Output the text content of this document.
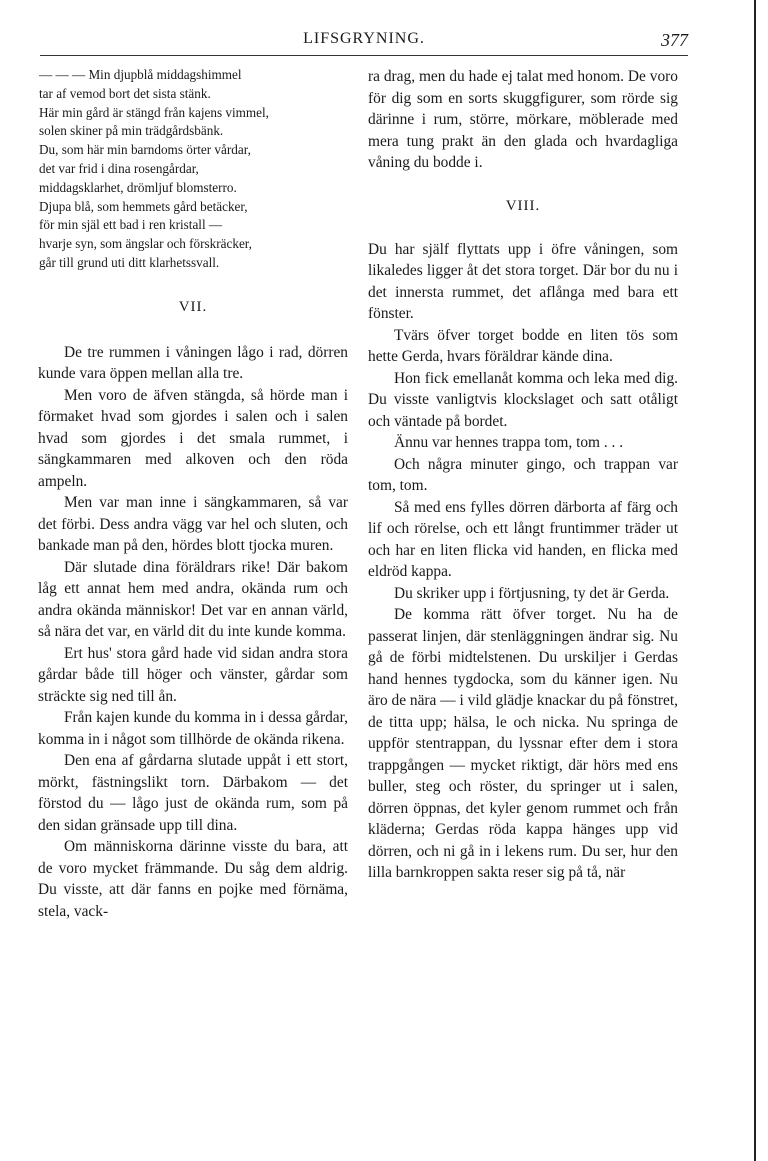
LIFSGRYNING.	377
— — — Min djupblå middagshimmel
tar af vemod bort det sista stänk.
Här min gård är stängd från kajens vimmel,
solen skiner på min trädgårdsbänk.
Du, som här min barndoms örter vårdar,
det var frid i dina rosengårdar,
middagsklarhet, drömljuf blomsterro.
Djupa blå, som hemmets gård betäcker,
för min själ ett bad i ren kristall —
hvarje syn, som ängslar och förskräcker,
går till grund uti ditt klarhetssvall.
VII.

De tre rummen i våningen lågo i rad, dörren kunde vara öppen mellan alla tre.

Men voro de äfven stängda, så hörde man i förmaket hvad som gjordes i salen och i salen hvad som gjordes i det smala rummet, i sängkammaren med alkoven och den röda ampeln.

Men var man inne i sängkammaren, så var det förbi. Dess andra vägg var hel och sluten, och bankade man på den, hördes blott tjocka muren.

Där slutade dina föräldrars rike! Där bakom låg ett annat hem med andra, okända rum och andra okända människor! Det var en annan värld, så nära det var, en värld dit du inte kunde komma.

Ert hus' stora gård hade vid sidan andra stora gårdar både till höger och vänster, gårdar som sträckte sig ned till ån.

Från kajen kunde du komma in i dessa gårdar, komma in i något som tillhörde de okända rikena.

Den ena af gårdarna slutade uppåt i ett stort, mörkt, fästningslikt torn. Därbakom — det förstod du — lågo just de okända rum, som på den sidan gränsade upp till dina.

Om människorna därinne visste du bara, att de voro mycket främmande. Du såg dem aldrig. Du visste, att där fanns en pojke med förnäma, stela, vack-

ra drag, men du hade ej talat med honom. De voro för dig som en sorts skuggfigurer, som rörde sig därinne i rum, större, mörkare, möblerade med mera tung prakt än den glada och hvardagliga våning du bodde i.

VIII.

Du har själf flyttats upp i öfre våningen, som likaledes ligger åt det stora torget. Där bor du nu i det innersta rummet, det aflånga med bara ett fönster.

Tvärs öfver torget bodde en liten tös som hette Gerda, hvars föräldrar kände dina.

Hon fick emellanåt komma och leka med dig. Du visste vanligtvis klockslaget och satt otåligt och väntade på bordet.

Ännu var hennes trappa tom, tom . . .

Och några minuter gingo, och trappan var tom, tom.

Så med ens fylles dörren därborta af färg och lif och rörelse, och ett långt fruntimmer träder ut och har en liten flicka vid handen, en flicka med eldröd kappa.

Du skriker upp i förtjusning, ty det är Gerda.

De komma rätt öfver torget. Nu ha de passerat linjen, där stenläggningen ändrar sig. Nu gå de förbi midtelstenen. Du urskiljer i Gerdas hand hennes tygdocka, som du känner igen. Nu äro de nära — i vild glädje knackar du på fönstret, de titta upp; hälsa, le och nicka. Nu springa de uppför stentrappan, du lyssnar efter dem i stora trappgången — mycket riktigt, där hörs med ens buller, steg och röster, du springer ut i salen, dörren öppnas, det kyler genom rummet och från kläderna; Gerdas röda kappa hänges upp vid dörren, och ni gå in i lekens rum. Du ser, hur den lilla barnkroppen sakta reser sig på tå, när
